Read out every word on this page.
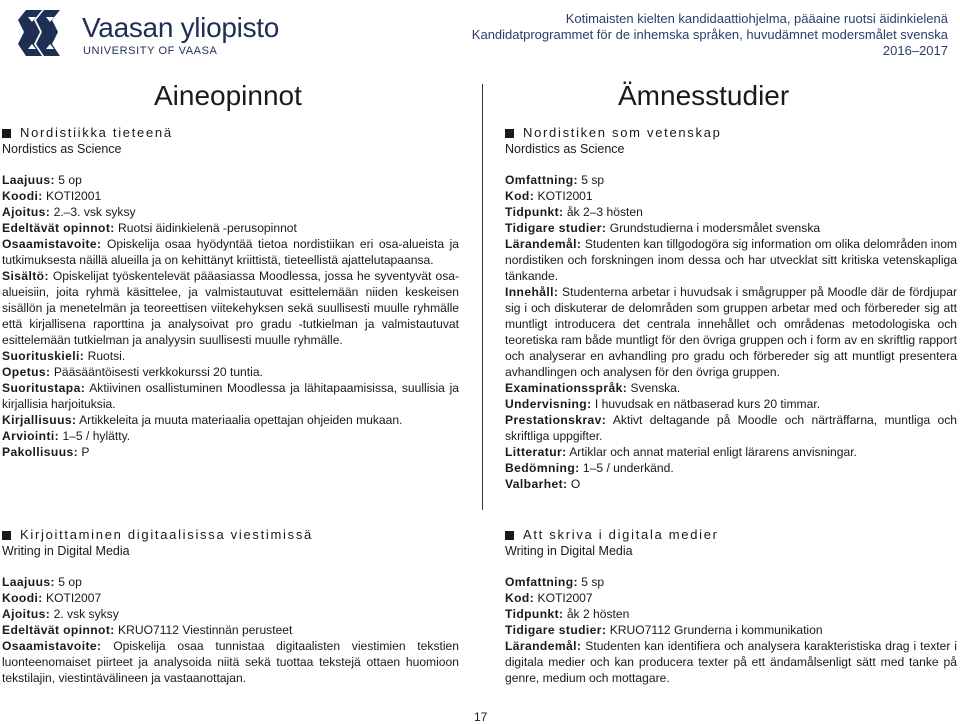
Vaasan yliopisto
UNIVERSITY OF VAASA
Kotimaisten kielten kandidaattiohjelma, pääaine ruotsi äidinkielenä
Kandidatprogrammet för de inhemska språken, huvudämnet modersmålet svenska
2016–2017
Aineopinnot	Ämnesstudier
Nordistiikka tieteenä
Nordistics as Science
Laajuus: 5 op
Koodi: KOTI2001
Ajoitus: 2.–3. vsk syksy
Edeltävät opinnot: Ruotsi äidinkielenä -perusopinnot
Osaamistavoite: Opiskelija osaa hyödyntää tietoa nordistiikan eri osa-alueista ja tutkimuksesta näillä alueilla ja on kehittänyt kriittistä, tieteellistä ajattelutapaansa.
Sisältö: Opiskelijat työskentelevät pääasiassa Moodlessa, jossa he syventyvät osa-alueisiin, joita ryhmä käsittelee, ja valmistautuvat esittelemään niiden keskeisen sisällön ja menetelmän ja teoreettisen viitekehyksen sekä suullisesti muulle ryhmälle että kirjallisena raporttina ja analysoivat pro gradu -tutkielman ja valmistautuvat esittelemään tutkielman ja analyysin suullisesti muulle ryhmälle.
Suorituskieli: Ruotsi.
Opetus: Pääsääntöisesti verkkokurssi 20 tuntia.
Suoritustapa: Aktiivinen osallistuminen Moodlessa ja lähitapaamisissa, suullisia ja kirjallisia harjoituksia.
Kirjallisuus: Artikkeleita ja muuta materiaalia opettajan ohjeiden mukaan.
Arviointi: 1–5 / hylätty.
Pakollisuus: P
Nordistiken som vetenskap
Nordistics as Science
Omfattning: 5 sp
Kod: KOTI2001
Tidpunkt: åk 2–3 hösten
Tidigare studier: Grundstudierna i modersmålet svenska
Lärandemål: Studenten kan tillgodogöra sig information om olika delområden inom nordistiken och forskningen inom dessa och har utvecklat sitt kritiska vetenskapliga tänkande.
Innehåll: Studenterna arbetar i huvudsak i smågrupper på Moodle där de fördjupar sig i och diskuterar de delområden som gruppen arbetar med och förbereder sig att muntligt introducera det centrala innehållet och områdenas metodologiska och teoretiska ram både muntligt för den övriga gruppen och i form av en skriftlig rapport och analyserar en avhandling pro gradu och förbereder sig att muntligt presentera avhandlingen och analysen för den övriga gruppen.
Examinationsspråk: Svenska.
Undervisning: I huvudsak en nätbaserad kurs 20 timmar.
Prestationskrav: Aktivt deltagande på Moodle och närträffarna, muntliga och skriftliga uppgifter.
Litteratur: Artiklar och annat material enligt lärarens anvisningar.
Bedömning: 1–5 / underkänd.
Valbarhet: O
Kirjoittaminen digitaalisissa viestimissä
Writing in Digital Media
Laajuus: 5 op
Koodi: KOTI2007
Ajoitus: 2. vsk syksy
Edeltävät opinnot: KRUO7112 Viestinnän perusteet
Osaamistavoite: Opiskelija osaa tunnistaa digitaalisten viestimien tekstien luonteenomaiset piirteet ja analysoida niitä sekä tuottaa tekstejä ottaen huomioon tekstilajin, viestintävälineen ja vastaanottajan.
Att skriva i digitala medier
Writing in Digital Media
Omfattning: 5 sp
Kod: KOTI2007
Tidpunkt: åk 2 hösten
Tidigare studier: KRUO7112 Grunderna i kommunikation
Lärandemål: Studenten kan identifiera och analysera karakteristiska drag i texter i digitala medier och kan producera texter på ett ändamålsenligt sätt med tanke på genre, medium och mottagare.
17
